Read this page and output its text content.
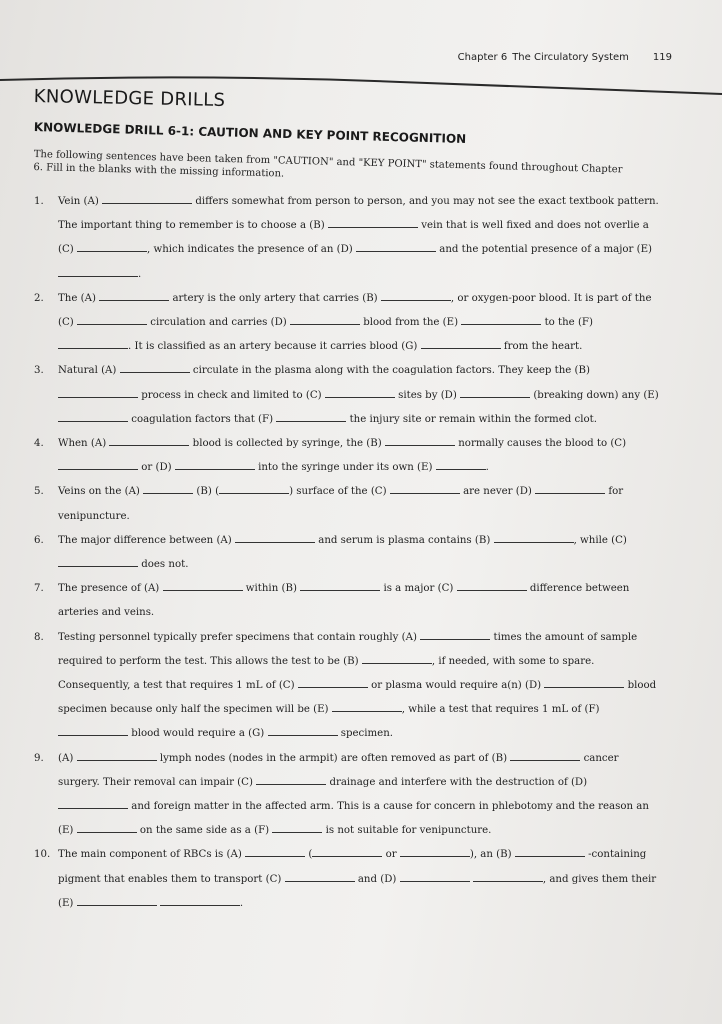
Chapter 6 The Circulatory System 119
KNOWLEDGE DRILLS
KNOWLEDGE DRILL 6-1: CAUTION AND KEY POINT RECOGNITION
The following sentences have been taken from "CAUTION" and "KEY POINT" statements found throughout Chapter 6. Fill in the blanks with the missing information.
1. Vein (A)	differs somewhat from person to person, and you may not see the exact textbook pattern. The important thing to remember is to choose a (B)	vein that is well fixed and does not overlie a (C)	, which indicates the presence of an (D)	and the potential presence of a major (E) .
2. The (A)	artery is the only artery that carries (B)	, or oxygen-poor blood. It is part of the (C)	circulation and carries (D)	blood from the (E)	to the (F) . It is classified as an artery because it carries blood (G)	from the heart.
3. Natural (A)	circulate in the plasma along with the coagulation factors. They keep the (B)  process in check and limited to (C)	sites by (D)	(breaking down) any (E)  coagulation factors that (F)	the injury site or remain within the formed clot.
4. When (A)	blood is collected by syringe, the (B)	normally causes the blood to (C)  or (D)	into the syringe under its own (E)	.
5. Veins on the (A)	(B) (	) surface of the (C)	are never (D)	for venipuncture.
6. The major difference between (A)	and serum is plasma contains (B)	, while (C)  does not.
7. The presence of (A)	within (B)	is a major (C)	difference between arteries and veins.
8. Testing personnel typically prefer specimens that contain roughly (A)	times the amount of sample required to perform the test. This allows the test to be (B)	, if needed, with some to spare. Consequently, a test that requires 1 mL of (C)	or plasma would require a(n) (D)	blood specimen because only half the specimen will be (E)	, while a test that requires 1 mL of (F)  blood would require a (G)	specimen.
9. (A)	lymph nodes (nodes in the armpit) are often removed as part of (B)	cancer surgery. Their removal can impair (C)	drainage and interfere with the destruction of (D)  and foreign matter in the affected arm. This is a cause for concern in phlebotomy and the reason an (E)	on the same side as a (F)	is not suitable for venipuncture.
10. The main component of RBCs is (A)	(	or	), an (B)	-containing pigment that enables them to transport (C)	and (D)	, and gives them their (E)	.
